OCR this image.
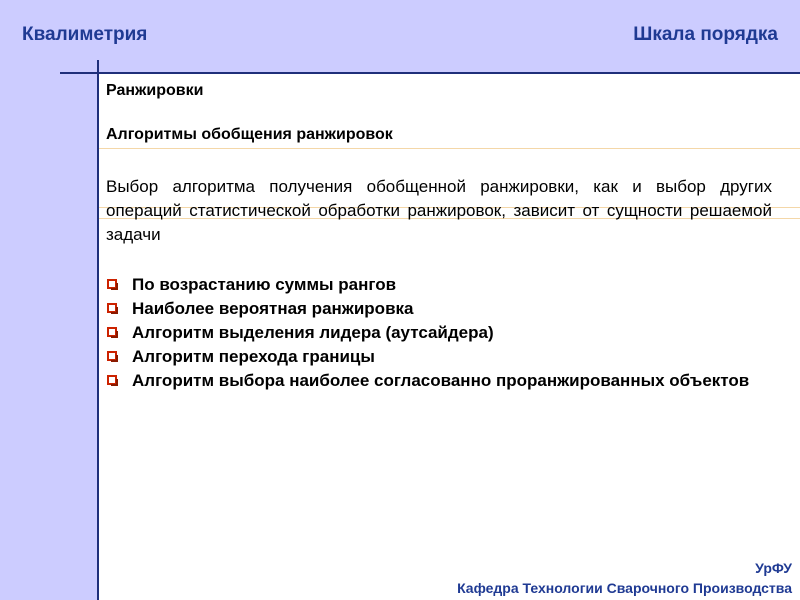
Квалиметрия	Шкала порядка
Ранжировки
Алгоритмы обобщения ранжировок

Выбор алгоритма получения обобщенной ранжировки, как и выбор других операций статистической обработки ранжировок, зависит от сущности решаемой задачи

По возрастанию суммы рангов
Наиболее вероятная ранжировка
Алгоритм выделения лидера (аутсайдера)
Алгоритм перехода границы
Алгоритм выбора наиболее согласованно проранжированных объектов
УрФУ
Кафедра Технологии Сварочного Производства
